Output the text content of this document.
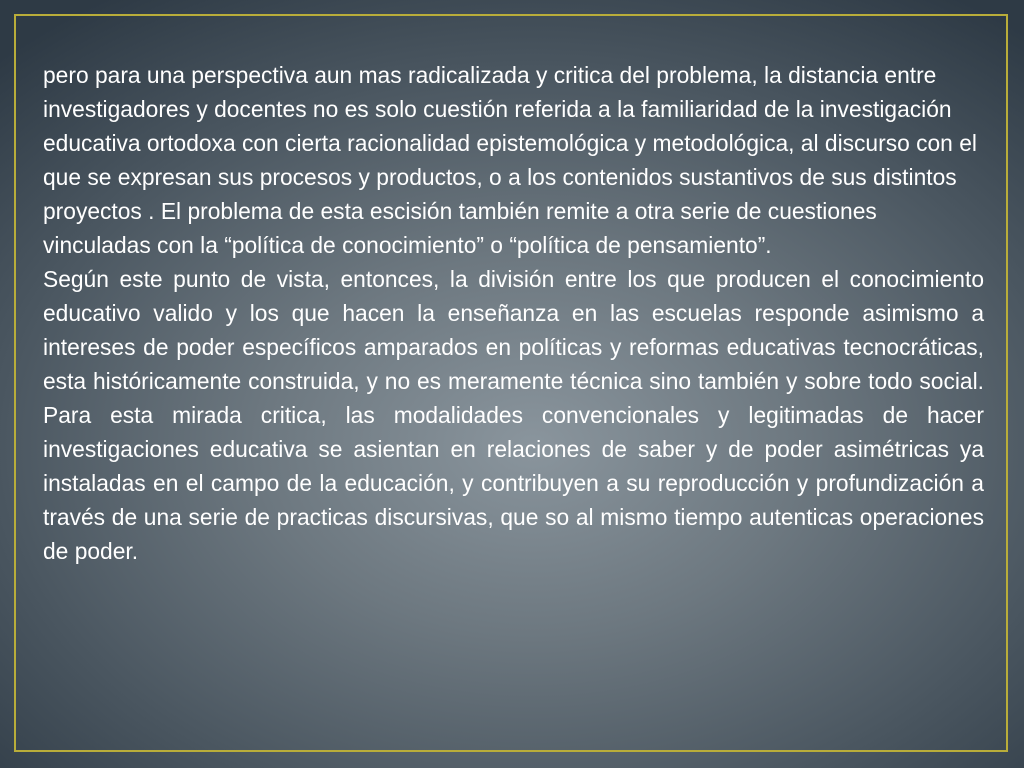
pero para una perspectiva aun mas radicalizada y critica del problema, la distancia entre investigadores y docentes no es solo cuestión referida a la familiaridad de la investigación educativa ortodoxa con cierta racionalidad epistemológica y metodológica, al discurso con el que se expresan sus procesos y productos, o a los contenidos sustantivos de sus distintos proyectos . El problema de esta escisión también remite a otra serie de cuestiones vinculadas con la “política de conocimiento” o “política de pensamiento”.

Según este punto de vista, entonces, la división entre los que producen el conocimiento educativo valido y los que hacen la enseñanza en las escuelas responde asimismo a intereses de poder específicos amparados en políticas y reformas educativas tecnocráticas, esta históricamente construida, y no es meramente técnica sino también y sobre todo social. Para esta mirada critica, las modalidades convencionales y legitimadas de hacer investigaciones educativa se asientan en relaciones de saber y de poder asimétricas ya instaladas en el campo de la educación, y contribuyen a su reproducción y profundización a través de una serie de practicas discursivas, que so al mismo tiempo autenticas operaciones de poder.
